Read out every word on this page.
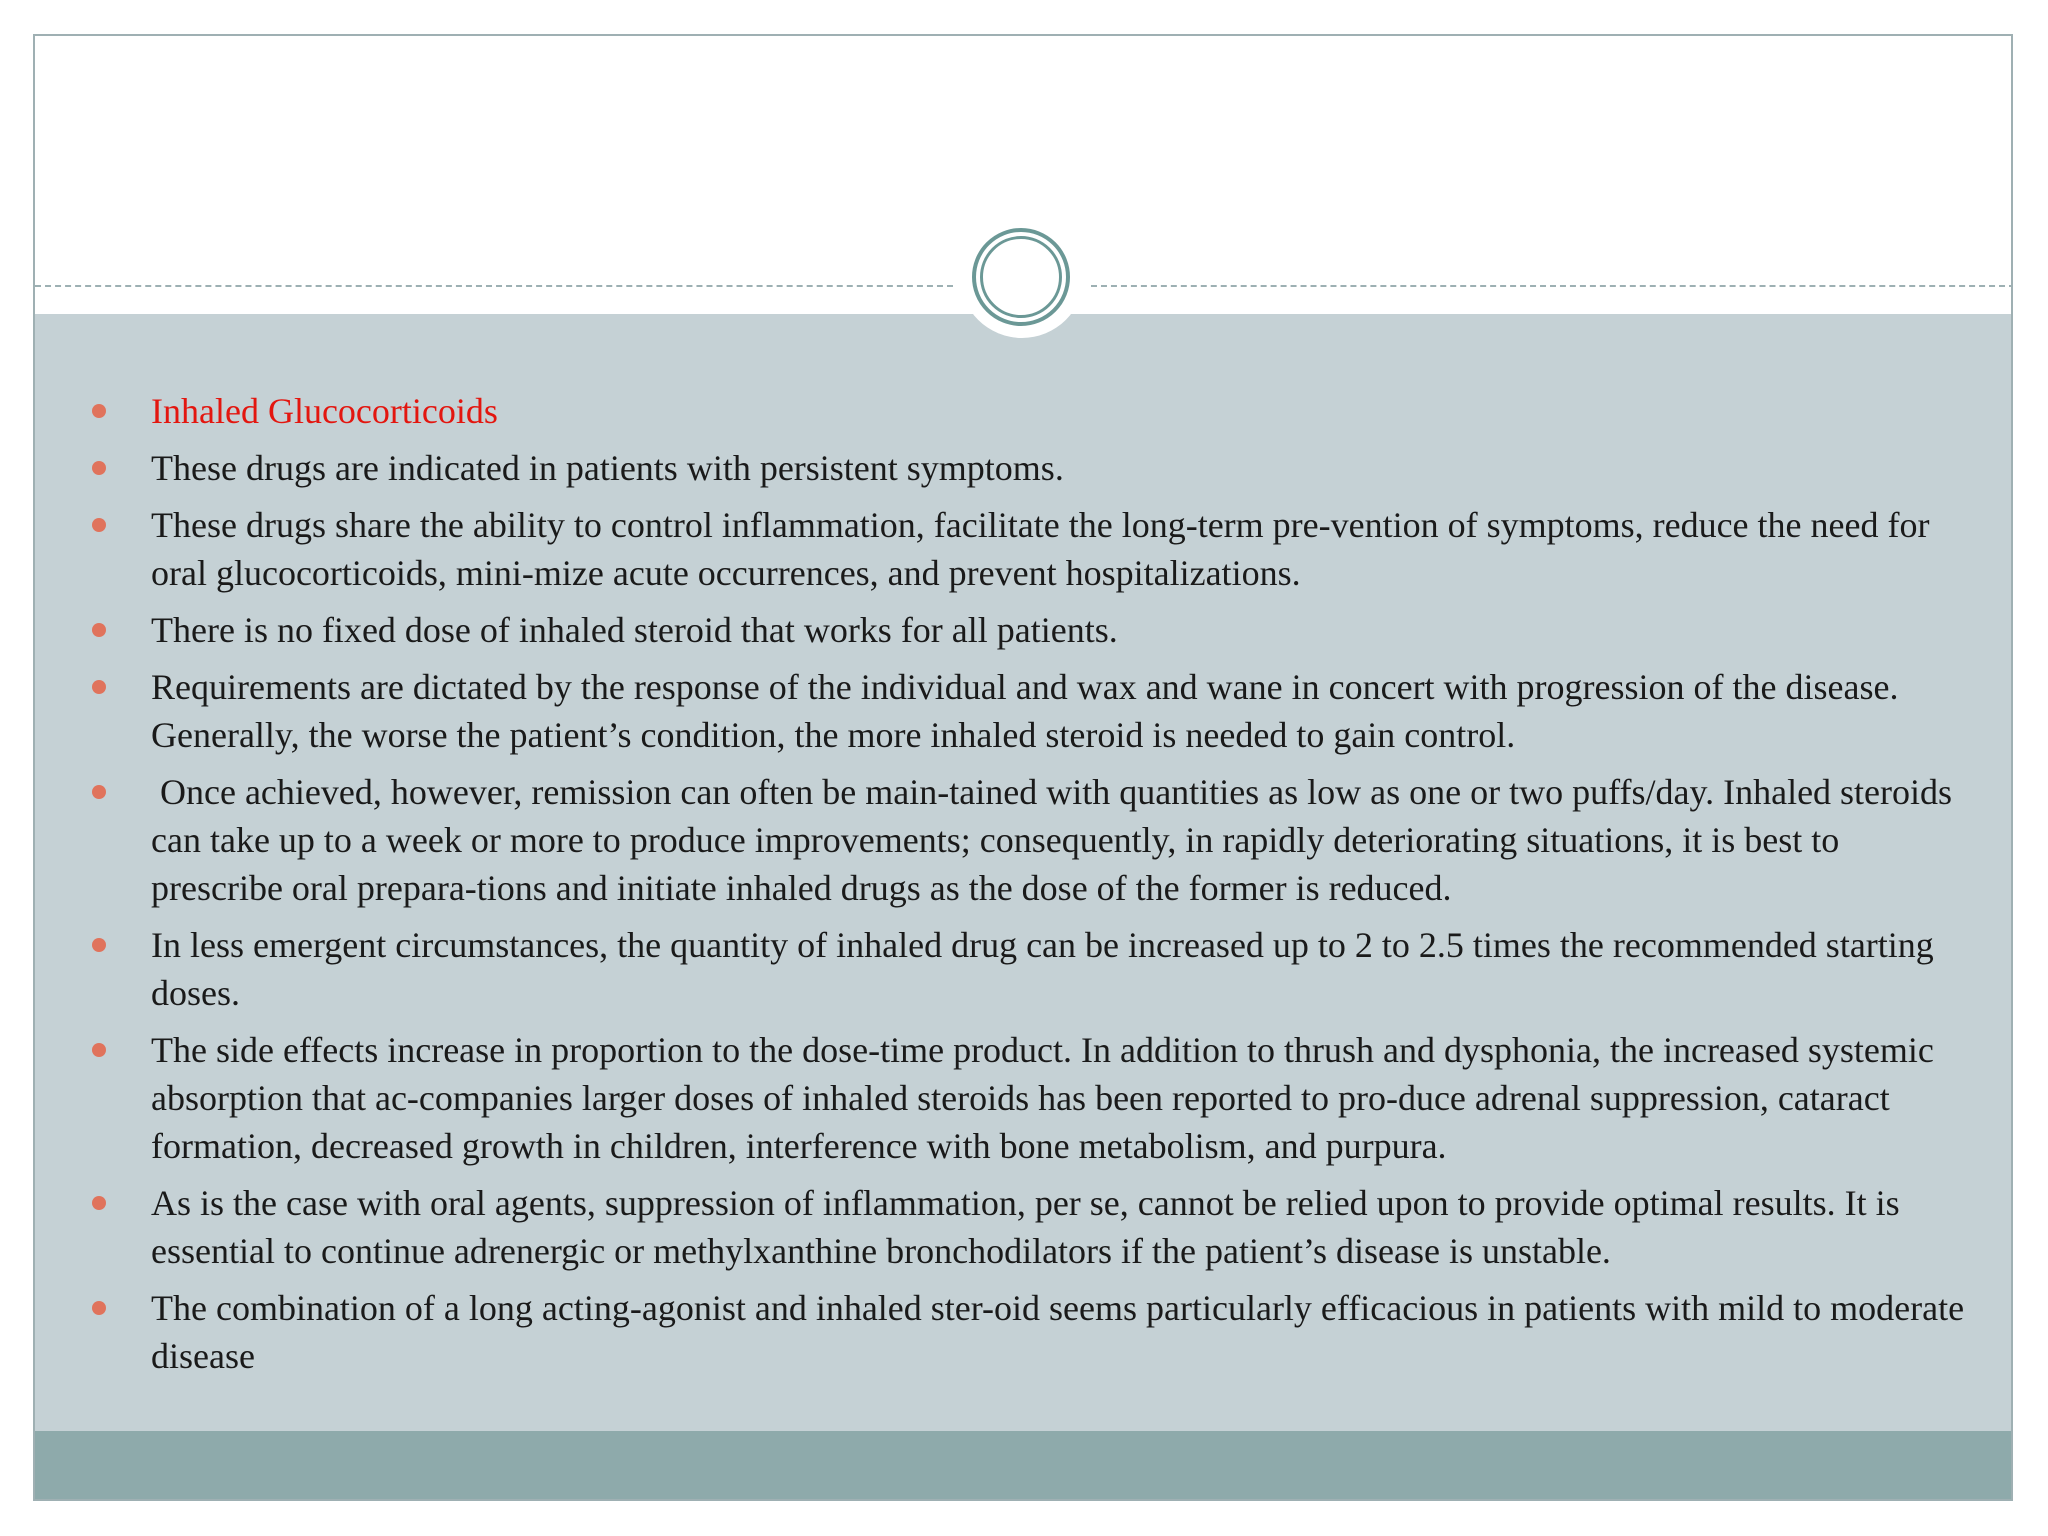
Inhaled Glucocorticoids
These drugs are indicated in patients with persistent symptoms.
These drugs share the ability to control inflammation, facilitate the long-term pre-vention of symptoms, reduce the need for oral glucocorticoids, mini-mize acute occurrences, and prevent hospitalizations.
There is no fixed dose of inhaled steroid that works for all patients.
Requirements are dictated by the response of the individual and wax and wane in concert with progression of the disease. Generally, the worse the patient’s condition, the more inhaled steroid is needed to gain control.
Once achieved, however, remission can often be main-tained with quantities as low as one or two puffs/day. Inhaled steroids can take up to a week or more to produce improvements; consequently, in rapidly deteriorating situations, it is best to prescribe oral prepara-tions and initiate inhaled drugs as the dose of the former is reduced.
In less emergent circumstances, the quantity of inhaled drug can be increased up to 2 to 2.5 times the recommended starting doses.
The side effects increase in proportion to the dose-time product. In addition to thrush and dysphonia, the increased systemic absorption that ac-companies larger doses of inhaled steroids has been reported to pro-duce adrenal suppression, cataract formation, decreased growth in children, interference with bone metabolism, and purpura.
As is the case with oral agents, suppression of inflammation, per se, cannot be relied upon to provide optimal results. It is essential to continue adrenergic or methylxanthine bronchodilators if the patient’s disease is unstable.
The combination of a long acting-agonist and inhaled ster-oid seems particularly efficacious in patients with mild to moderate disease
